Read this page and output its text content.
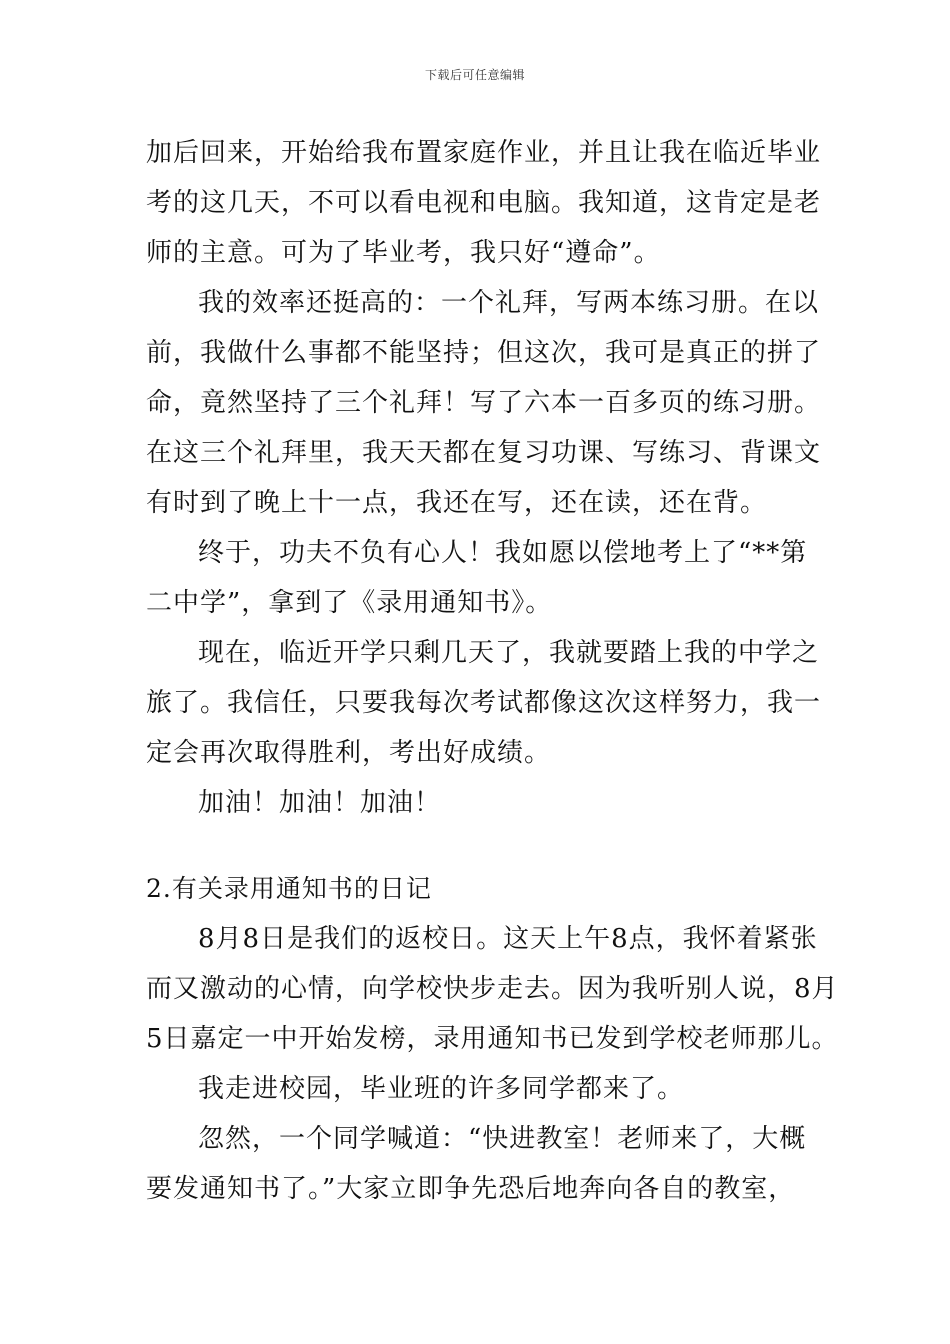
下载后可任意编辑
加后回来，开始给我布置家庭作业，并且让我在临近毕业
考的这几天，不可以看电视和电脑。我知道，这肯定是老
师的主意。可为了毕业考，我只好“遵命”。
我的效率还挺高的：一个礼拜，写两本练习册。在以
前，我做什么事都不能坚持；但这次，我可是真正的拼了
命，竟然坚持了三个礼拜！写了六本一百多页的练习册。
在这三个礼拜里，我天天都在复习功课、写练习、背课文
有时到了晚上十一点，我还在写，还在读，还在背。
终于，功夫不负有心人！我如愿以偿地考上了“**第
二中学”，拿到了《录用通知书》。
现在，临近开学只剩几天了，我就要踏上我的中学之
旅了。我信任，只要我每次考试都像这次这样努力，我一
定会再次取得胜利，考出好成绩。
加油！加油！加油！
2.有关录用通知书的日记
8月8日是我们的返校日。这天上午8点，我怀着紧张
而又激动的心情，向学校快步走去。因为我听别人说，8月
5日嘉定一中开始发榜，录用通知书已发到学校老师那儿。
我走进校园，毕业班的许多同学都来了。
忽然，一个同学喊道：“快进教室！老师来了，大概
要发通知书了。”大家立即争先恐后地奔向各自的教室，
